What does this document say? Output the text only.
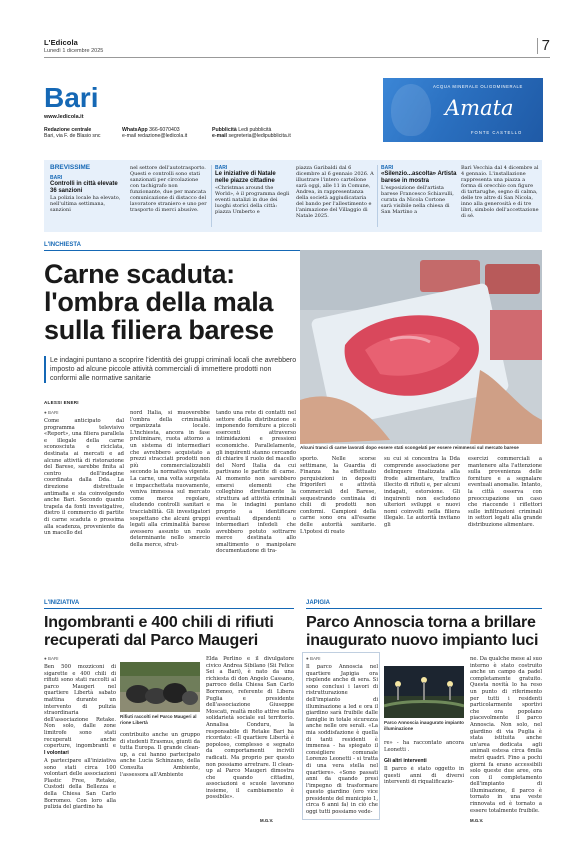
L'Edicola
Lunedì 1 dicembre 2025	7
Bari
www.ledicola.it
Redazione centrale
Bari, via F. de Blasio snc
WhatsApp 366-6070403
e-mail redazione@ledicola.it
Pubblicità Ledi pubblicità
e-mail segreteria@ledipubblicita.it
ACQUA MINERALE OLIGOMINERALE
Amata
FONTE CASTELLO
BREVISSIME
BARI
Controlli in città elevate 36 sanzioni
La polizia locale ha elevato, nell'ultima settimana, sanzioni
nel settore dell'autotrasporto. Questi e controlli sono stati sanzionati per circolazione con tachigrafo non funzionante, due per mancata comunicazione di distacco del lavoratore straniero e uno per trasporto di merci abusive.
BARI
Le iniziative di Natale nelle piazze cittadine
«Christmas around the World», è il programma degli eventi natalizi in due dei luoghi storici della città: piazza Umberto e
piazza Garibaldi dal 6 dicembre al 6 gennaio 2026. A illustrare l'intero cartellone sarà oggi, alle 11 in Comune, Andrea, in rappresentanza della società aggiudicataria del bando per l'allestimento e l'animazione del Villaggio di Natale 2025.
BARI
«Silenzio...ascolta» Artista barese in mostra
L'esposizione dell'artista barese Francesco Schiavulli, curata da Nicola Cortone sarà visibile nella chiesa di San Martino a
Bari Vecchia dal 4 dicembre al 4 gennaio. L'installazione rappresenta una piazza a forma di orecchio con figure di tartarughe, segno di calma, delle tre altre di San Nicola, inno alla generosità e di tre libri, simbolo dell'accettazione di sé.
L'INCHIESTA
Carne scaduta: l'ombra della mala sulla filiera barese
Le indagini puntano a scoprire l'identità dei gruppi criminali locali che avrebbero imposto ad alcune piccole attività commerciali di immettere prodotti non conformi alle normative sanitarie
ALESSI ENERI
● BARI
Come anticipato dal programma televisivo «Report», una filiera parallela e illegale della carne sconosciuta e riciclata, destinata ai mercati e ad alcune attività di ristorazione del Barese, sarebbe finita al centro dell'indagine coordinata dalla Dda. La direzione distrettuale antimafia e sta coinvolgendo anche Bari. Secondo quanto trapela da fonti investigative, dietro il commercio di partite di carne scaduta o prossima alla scadenza, proveniente da un macello del
nord Italia, si muoverebbe l'ombra della criminalità organizzata locale. L'inchiesta, ancora in fase preliminare, ruota attorno a un sistema di intermediari che avrebbero acquistato a prezzi stracciati prodotti non più commercializzabili secondo la normativa vigente. La carne, una volta surgelata e impacchettata nuovamente, veniva immessa sul mercato come merce regolare, eludendo controlli sanitari e tracciabilità. Gli investigatori sospettano che alcuni gruppi legati alla criminalità barese avessero assunto un ruolo determinante nello smercio della merce, sfrut-
tando una rete di contatti nel settore della distribuzione e imponendo forniture a piccoli esercenti attraverso intimidazioni e pressioni economiche. Parallelamente, gli inquirenti stanno cercando di chiarire il ruolo del macello del Nord Italia da cui partivano le partite di carne. Al momento non sarebbero emersi elementi che colleghino direttamente la struttura ad attività criminali ma le indagini puntano proprio a identificare eventuali dipendenti o intermediari infedeli che avrebbero potuto sottrarre merce destinata allo smaltimento o manipolare documentazione di tra-
Alcuni tranci di carne lavorati dopo essere stati scongelati per essere reimmessi sul mercato barese
sporto. Nelle scorse settimane, la Guardia di Finanza ha effettuato perquisizioni in depositi frigoriferi e attività commerciali del Barese, sequestrando centinaia di chili di prodotti non conformi. Campioni della carne sono ora all'esame delle autorità sanitarie. L'ipotesi di reato
su cui si concentra la Dda comprende associazione per delinquere finalizzata alla frode alimentare, traffico illecito di rifiuti e, per alcuni indagati, estorsione. Gli inquirenti non escludono ulteriori sviluppi e nuovi nomi coinvolti nella filiera illegale. Le autorità invitano gli
esercizi commerciali a mantenere alta l'attenzione sulla provenienza delle forniture e a segnalare eventuali anomalie. Intanto, la città osserva con preoccupazione un caso che riaccende i riflettori sulle infiltrazioni criminali in settori legati alla grande distribuzione alimentare.
L'INIZIATIVA
Ingombranti e 400 chili di rifiuti recuperati dal Parco Maugeri
● BARI
Ben 500 mozziconi di sigarette e 400 chili di rifiuti sono stati raccolti al parco Maugeri nel quartiere Libertà sabato mattina durante un intervento di pulizia straordinaria dell'associazione Retake. Non solo, dalle zone limitrofe sono stati recuperati anche coperture, ingombranti e
I volontari
A partecipare all'iniziativa sono stati circa 100 volontari delle associazioni Plastic Free, Retake, Custodi della Bellezza e della Chiesa San Carlo Borromeo. Con loro alla pulizia del giardino ha
Rifiuti raccolti nel Parco Maugeri al rione Libertà
contribuito anche un gruppo di studenti Erasmus, giunti da tutta Europa. Il grande clean-up, a cui hanno partecipato anche Lucia Schinzano, della Consulta Ambiente, l'assessora all'Ambiente
Elda Perlino e il divulgatore civico Andrea Sibilano (Sii Felice Sei a Bari), è nato da una richiesta di don Angelo Cassano, parroco della Chiesa San Carlo Borromeo, referente di Libera Puglia e presidente dell'associazione Giuseppe Moscati, realtà molto attive nella solidarietà sociale sul territorio. Annalisa Conduru, la responsabile di Retake Bari ha ricordato: «Il quartiere Libertà è popoloso, complesso e segnato da comportamenti incivili radicati. Ma proprio per questo non possiamo arretrare. Il clean-up al Parco Maugeri dimostra che quando cittadini, associazioni e scuole lavorano insieme, il cambiamento è possibile».
M.G.V.
JAPIGIA
Parco Annoscia torna a brillare inaugurato nuovo impianto luci
● BARI
Il parco Annoscia nel quartiere Japigia ora risplende anche di sera. Si sono conclusi i lavori di ristrutturazione dell'impianto di illuminazione a led e ora il giardino sarà fruibile dalle famiglie in totale sicurezza anche nelle ore serali. «La mia soddisfazione è quella di tanti residenti è immensa - ha spiegato il consigliere comunale Lorenzo Leonetti - si tratta di una vera stella nel quartiere». «Sono passati anni da quando presi l'impegno di trasformare questo giardino (ero vice presidente del municipio 1, circa 6 anni fa) in ciò che oggi tutti possiamo vede-
Parco Annoscia inaugurato impianto illuminazione
re» - ha raccontato ancora Leonetti .
Gli altri interventi
Il parco è stato oggetto in questi anni di diversi interventi di riqualificazio-
ne. Da qualche mese al suo interno è stato costruito anche un campo da padel completamente gratuito. Questa novità lo ha reso un punto di riferimento per tutti i residenti particolarmente sportivi che ora popolano piacevolmente il parco Annoscia. Non solo, nel giardino di via Puglia è stata istituita anche un'area dedicata agli animali estesa circa 6mila metri quadri. Fino a pochi giorni fa erano accessibili solo queste due aree, ora con il completamento dell'impianto di illuminazione, il parco è tornato in una veste rinnovata ed è tornato a essere totalmente fruibile.
M.G.V.
